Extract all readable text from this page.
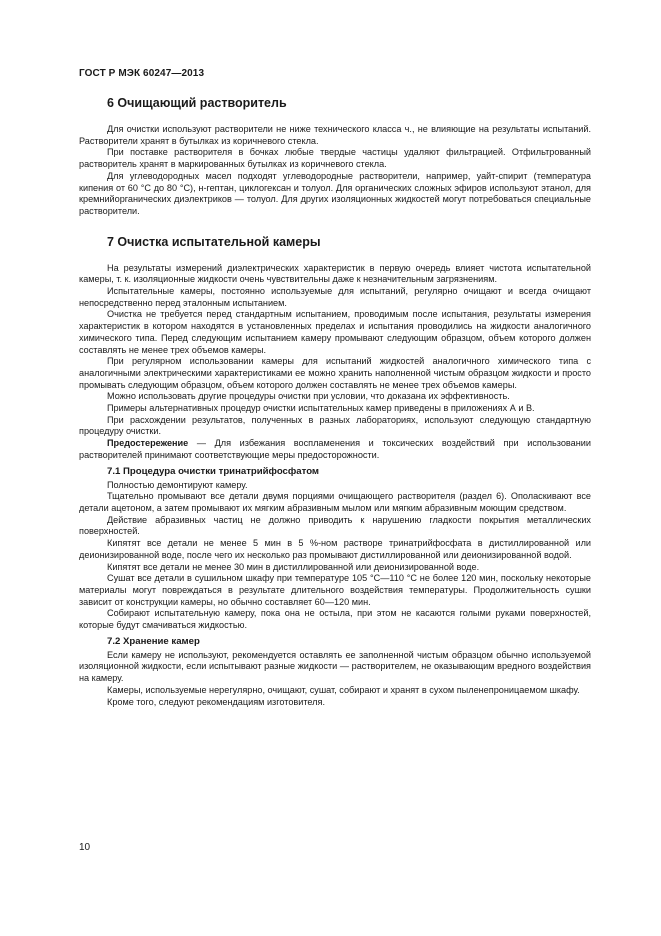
ГОСТ Р МЭК 60247—2013
6 Очищающий растворитель

Для очистки используют растворители не ниже технического класса ч., не влияющие на результаты испытаний. Растворители хранят в бутылках из коричневого стекла.

При поставке растворителя в бочках любые твердые частицы удаляют фильтрацией. Отфильтрованный растворитель хранят в маркированных бутылках из коричневого стекла.

Для углеводородных масел подходят углеводородные растворители, например, уайт-спирит (температура кипения от 60 °С до 80 °С), н-гептан, циклогексан и толуол. Для органических сложных эфиров используют этанол, для кремнийорганических диэлектриков — толуол. Для других изоляционных жидкостей могут потребоваться специальные растворители.

7 Очистка испытательной камеры

На результаты измерений диэлектрических характеристик в первую очередь влияет чистота испытательной камеры, т. к. изоляционные жидкости очень чувствительны даже к незначительным загрязнениям.

Испытательные камеры, постоянно используемые для испытаний, регулярно очищают и всегда очищают непосредственно перед эталонным испытанием.

Очистка не требуется перед стандартным испытанием, проводимым после испытания, результаты измерения характеристик в котором находятся в установленных пределах и испытания проводились на жидкости аналогичного химического типа. Перед следующим испытанием камеру промывают следующим образцом, объем которого должен составлять не менее трех объемов камеры.

При регулярном использовании камеры для испытаний жидкостей аналогичного химического типа с аналогичными электрическими характеристиками ее можно хранить наполненной чистым образцом жидкости и просто промывать следующим образцом, объем которого должен составлять не менее трех объемов камеры.

Можно использовать другие процедуры очистки при условии, что доказана их эффективность.

Примеры альтернативных процедур очистки испытательных камер приведены в приложениях А и В.

При расхождении результатов, полученных в разных лабораториях, используют следующую стандартную процедуру очистки.

Предостережение — Для избежания воспламенения и токсических воздействий при использовании растворителей принимают соответствующие меры предосторожности.

7.1 Процедура очистки тринатрийфосфатом

Полностью демонтируют камеру.

Тщательно промывают все детали двумя порциями очищающего растворителя (раздел 6). Ополаскивают все детали ацетоном, а затем промывают их мягким абразивным мылом или мягким абразивным моющим средством.

Действие абразивных частиц не должно приводить к нарушению гладкости покрытия металлических поверхностей.

Кипятят все детали не менее 5 мин в 5 %-ном растворе тринатрийфосфата в дистиллированной или деионизированной воде, после чего их несколько раз промывают дистиллированной или деионизированной водой.

Кипятят все детали не менее 30 мин в дистиллированной или деионизированной воде.

Сушат все детали в сушильном шкафу при температуре 105 °С—110 °С не более 120 мин, поскольку некоторые материалы могут повреждаться в результате длительного воздействия температуры. Продолжительность сушки зависит от конструкции камеры, но обычно составляет 60—120 мин.

Собирают испытательную камеру, пока она не остыла, при этом не касаются голыми руками поверхностей, которые будут смачиваться жидкостью.

7.2 Хранение камер

Если камеру не используют, рекомендуется оставлять ее заполненной чистым образцом обычно используемой изоляционной жидкости, если испытывают разные жидкости — растворителем, не оказывающим вредного воздействия на камеру.

Камеры, используемые нерегулярно, очищают, сушат, собирают и хранят в сухом пыленепроницаемом шкафу.

Кроме того, следуют рекомендациям изготовителя.

10
